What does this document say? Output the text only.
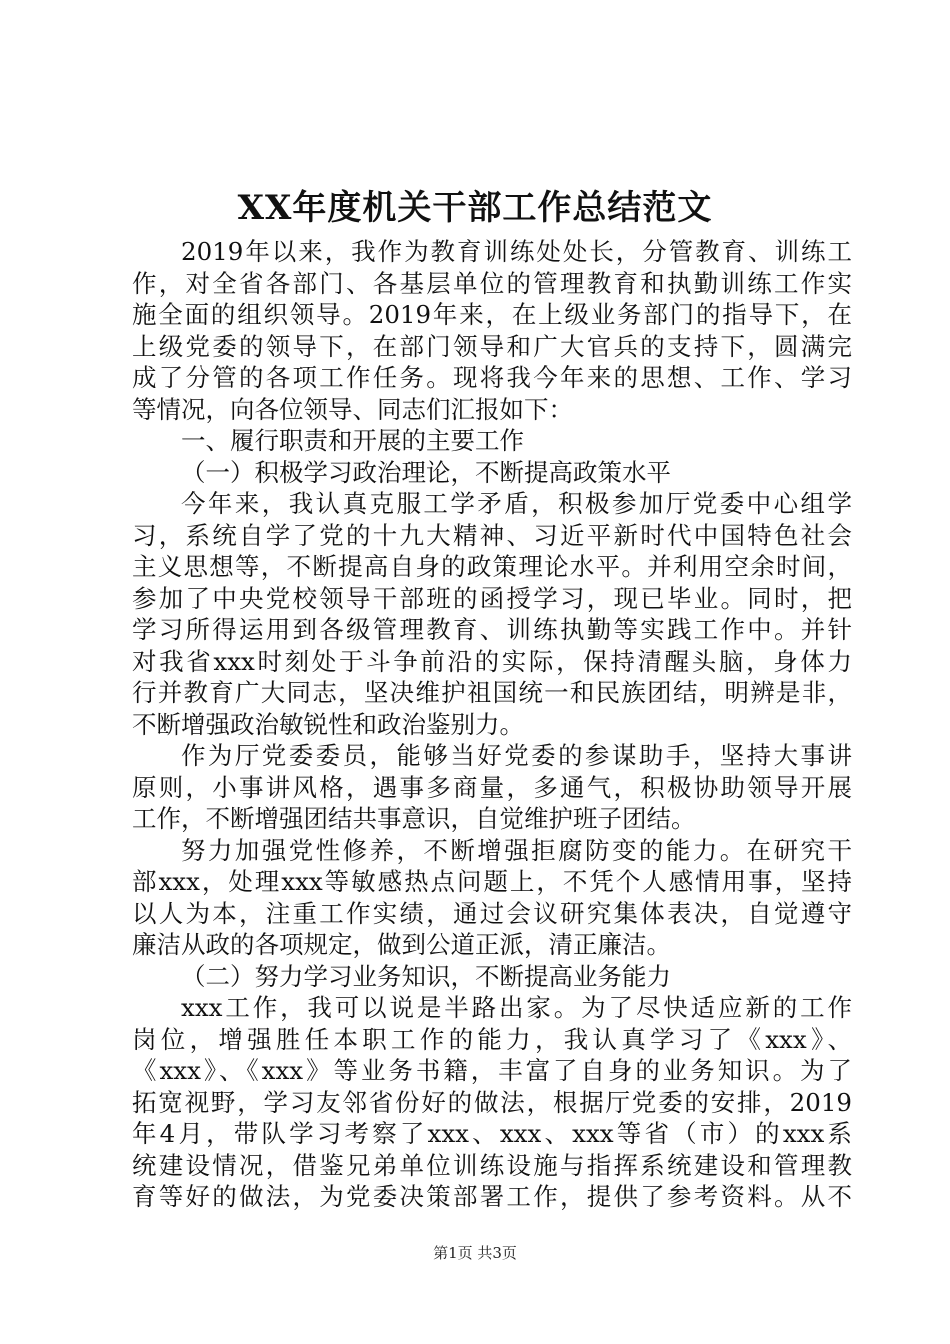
XX年度机关干部工作总结范文
2019年以来，我作为教育训练处处长，分管教育、训练工
作，对全省各部门、各基层单位的管理教育和执勤训练工作实
施全面的组织领导。2019年来，在上级业务部门的指导下，在
上级党委的领导下，在部门领导和广大官兵的支持下，圆满完
成了分管的各项工作任务。现将我今年来的思想、工作、学习
等情况，向各位领导、同志们汇报如下：
一、履行职责和开展的主要工作
（一）积极学习政治理论，不断提高政策水平
今年来，我认真克服工学矛盾，积极参加厅党委中心组学
习，系统自学了党的十九大精神、习近平新时代中国特色社会
主义思想等，不断提高自身的政策理论水平。并利用空余时间，
参加了中央党校领导干部班的函授学习，现已毕业。同时，把
学习所得运用到各级管理教育、训练执勤等实践工作中。并针
对我省xxx时刻处于斗争前沿的实际，保持清醒头脑，身体力
行并教育广大同志，坚决维护祖国统一和民族团结，明辨是非，
不断增强政治敏锐性和政治鉴别力。
作为厅党委委员，能够当好党委的参谋助手，坚持大事讲
原则，小事讲风格，遇事多商量，多通气，积极协助领导开展
工作，不断增强团结共事意识，自觉维护班子团结。
努力加强党性修养，不断增强拒腐防变的能力。在研究干
部xxx，处理xxx等敏感热点问题上，不凭个人感情用事，坚持
以人为本，注重工作实绩，通过会议研究集体表决，自觉遵守
廉洁从政的各项规定，做到公道正派，清正廉洁。
（二）努力学习业务知识，不断提高业务能力
xxx工作，我可以说是半路出家。为了尽快适应新的工作
岗位，增强胜任本职工作的能力，我认真学习了《xxx》、
《xxx》、《xxx》等业务书籍，丰富了自身的业务知识。为了
拓宽视野，学习友邻省份好的做法，根据厅党委的安排，2019
年4月，带队学习考察了xxx、xxx、xxx等省（市）的xxx系
统建设情况，借鉴兄弟单位训练设施与指挥系统建设和管理教
育等好的做法，为党委决策部署工作，提供了参考资料。从不
第1页 共3页
